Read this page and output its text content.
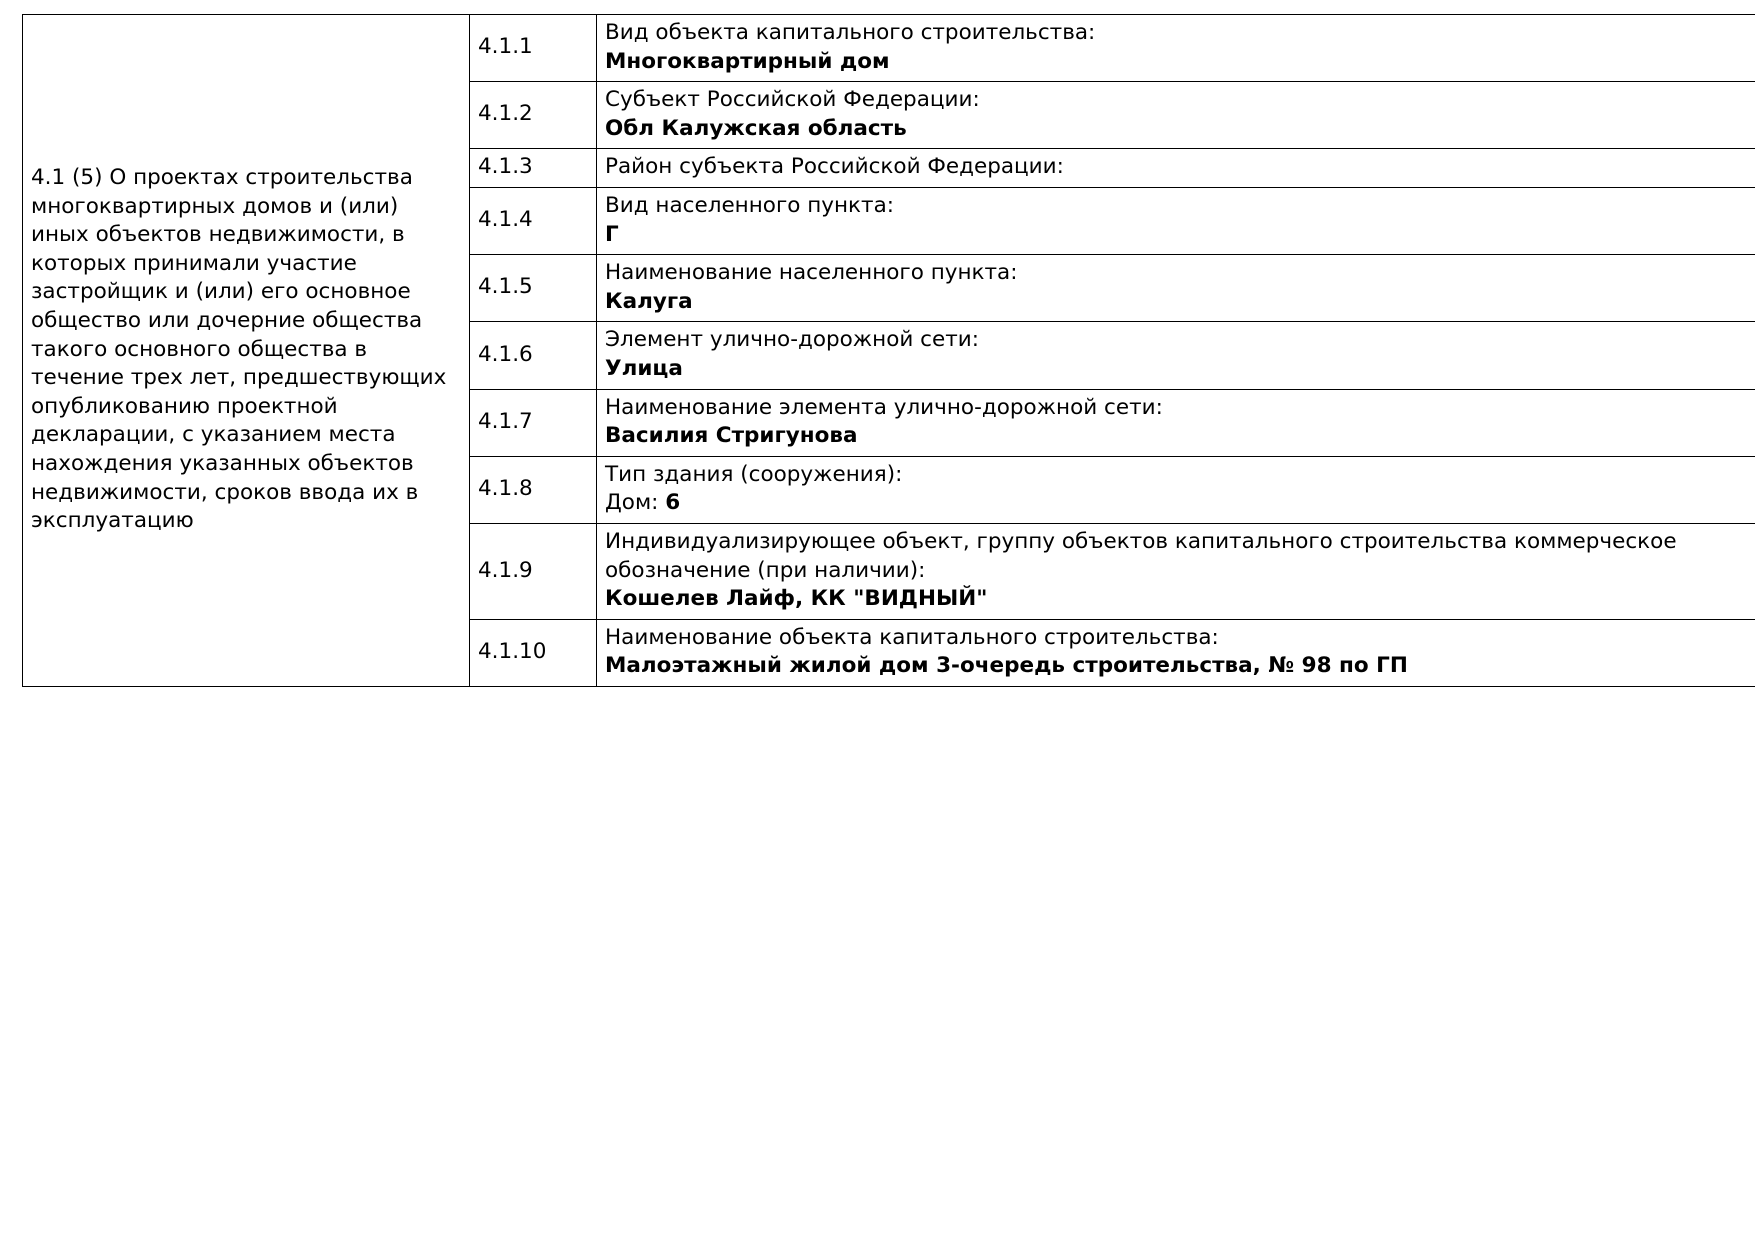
4.1 (5) О проектах строительства многоквартирных домов и (или) иных объектов недвижимости, в которых принимали участие застройщик и (или) его основное общество или дочерние общества такого основного общества в течение трех лет, предшествующих опубликованию проектной декларации, с указанием места нахождения указанных объектов недвижимости, сроков ввода их в эксплуатацию	4.1.1	Вид объекта капитального строительства:
Многоквартирный дом

	4.1.2	Субъект Российской Федерации:
Обл Калужская область

	4.1.3	Район субъекта Российской Федерации:

	4.1.4	Вид населенного пункта:
Г

	4.1.5	Наименование населенного пункта:
Калуга

	4.1.6	Элемент улично-дорожной сети:
Улица

	4.1.7	Наименование элемента улично-дорожной сети:
Василия Стригунова

	4.1.8	Тип здания (сооружения):
Дом: 6

	4.1.9	Индивидуализирующее объект, группу объектов капитального строительства коммерческое обозначение (при наличии):
Кошелев Лайф, КК "ВИДНЫЙ"

	4.1.10	Наименование объекта капитального строительства:
Малоэтажный жилой дом 3-очередь строительства, № 98 по ГП
